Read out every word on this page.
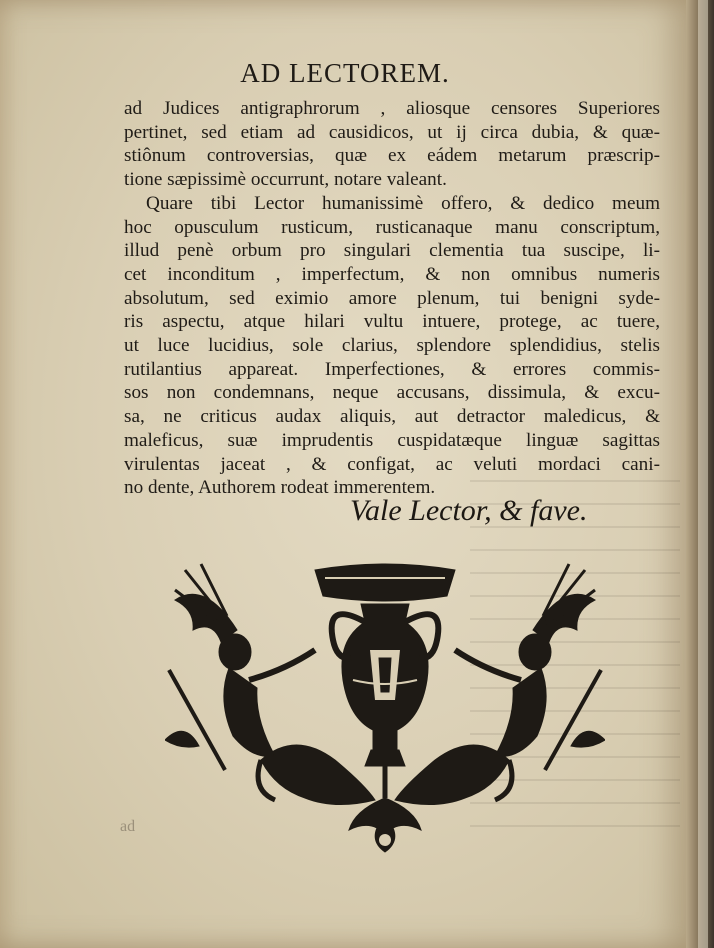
AD LECTOREM.
ad Judices antigraphrorum , aliosque censores Superiores
pertinet, sed etiam ad causidicos, ut ij circa dubia, & quæ-
stiônum controversias, quæ ex eádem metarum præscrip-
tione sæpissimè occurrunt, notare valeant.
Quare tibi Lector humanissimè offero, & dedico meum
hoc opusculum rusticum, rusticanaque manu conscriptum,
illud penè orbum pro singulari clementia tua suscipe, li-
cet inconditum , imperfectum, & non omnibus numeris
absolutum, sed eximio amore plenum, tui benigni syde-
ris aspectu, atque hilari vultu intuere, protege, ac tuere,
ut luce lucidius, sole clarius, splendore splendidius, stelis
rutilantius appareat. Imperfectiones, & errores commis-
sos non condemnans, neque accusans, dissimula, & excu-
sa, ne criticus audax aliquis, aut detractor maledicus, &
maleficus, suæ imprudentis cuspidatæque linguæ sagittas
virulentas jaceat , & configat, ac veluti mordaci cani-
no dente, Authorem rodeat immerentem.
Vale Lector, & fave.
ad
